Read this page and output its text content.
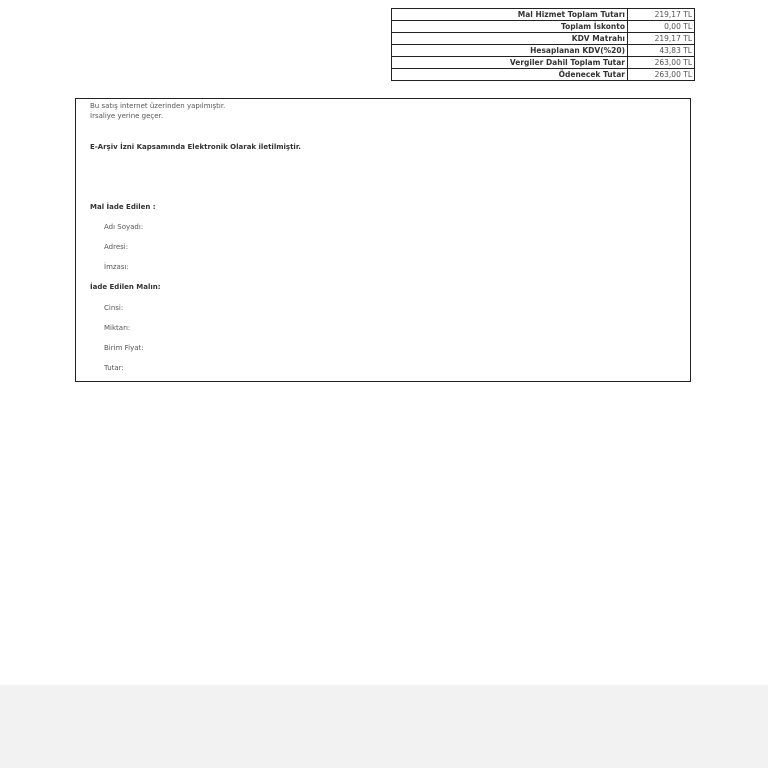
Mal Hizmet Toplam Tutarı	219,17 TL
Toplam İskonto	0,00 TL
KDV Matrahı	219,17 TL
Hesaplanan KDV(%20)	43,83 TL
Vergiler Dahil Toplam Tutar	263,00 TL
Ödenecek Tutar	263,00 TL
Bu satış internet üzerinden yapılmıştır.
İrsaliye yerine geçer.
E-Arşiv İzni Kapsamında Elektronik Olarak iletilmiştir.
Mal İade Edilen :
Adı Soyadı:
Adresi:
İmzası:
İade Edilen Malın:
Cinsi:
Miktarı:
Birim Fiyat:
Tutar:
